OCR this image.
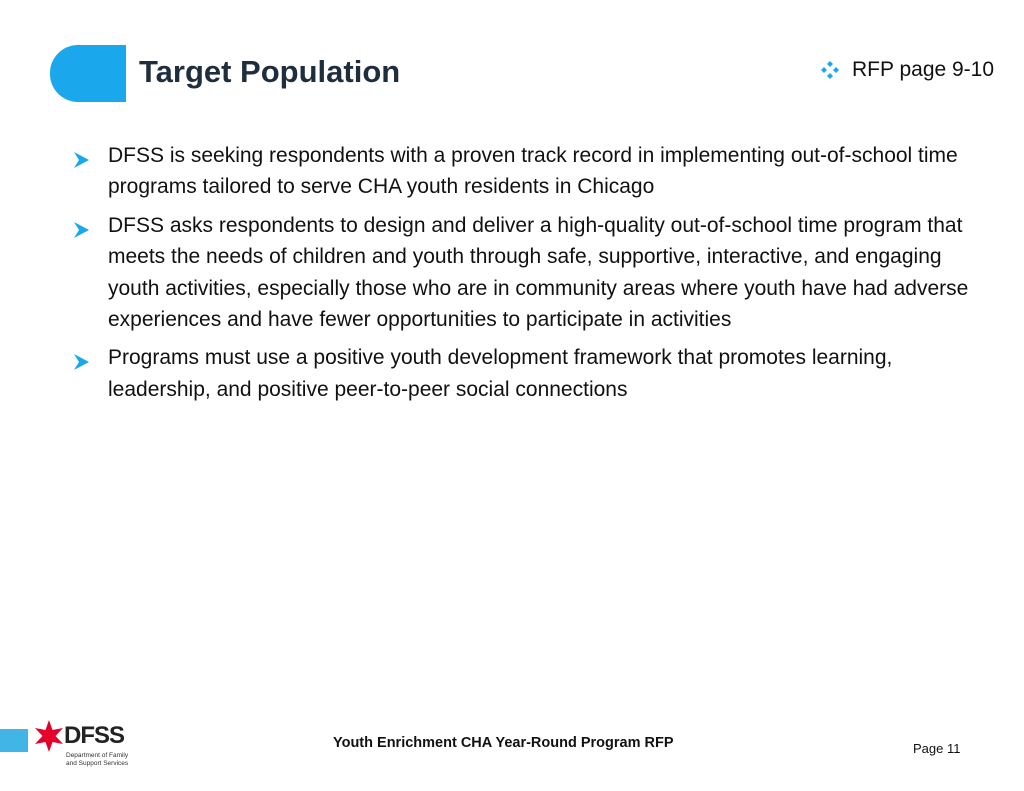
Target Population	RFP page 9-10
DFSS is seeking respondents with a proven track record in implementing out-of-school time programs tailored to serve CHA youth residents in Chicago
DFSS asks respondents to design and deliver a high-quality out-of-school time program that meets the needs of children and youth through safe, supportive, interactive, and engaging youth activities, especially those who are in community areas where youth have had adverse experiences and have fewer opportunities to participate in activities
Programs must use a positive youth development framework that promotes learning, leadership, and positive peer-to-peer social connections
DFSS
Department of Family and Support Services
Youth Enrichment CHA Year-Round Program RFP	Page 11
